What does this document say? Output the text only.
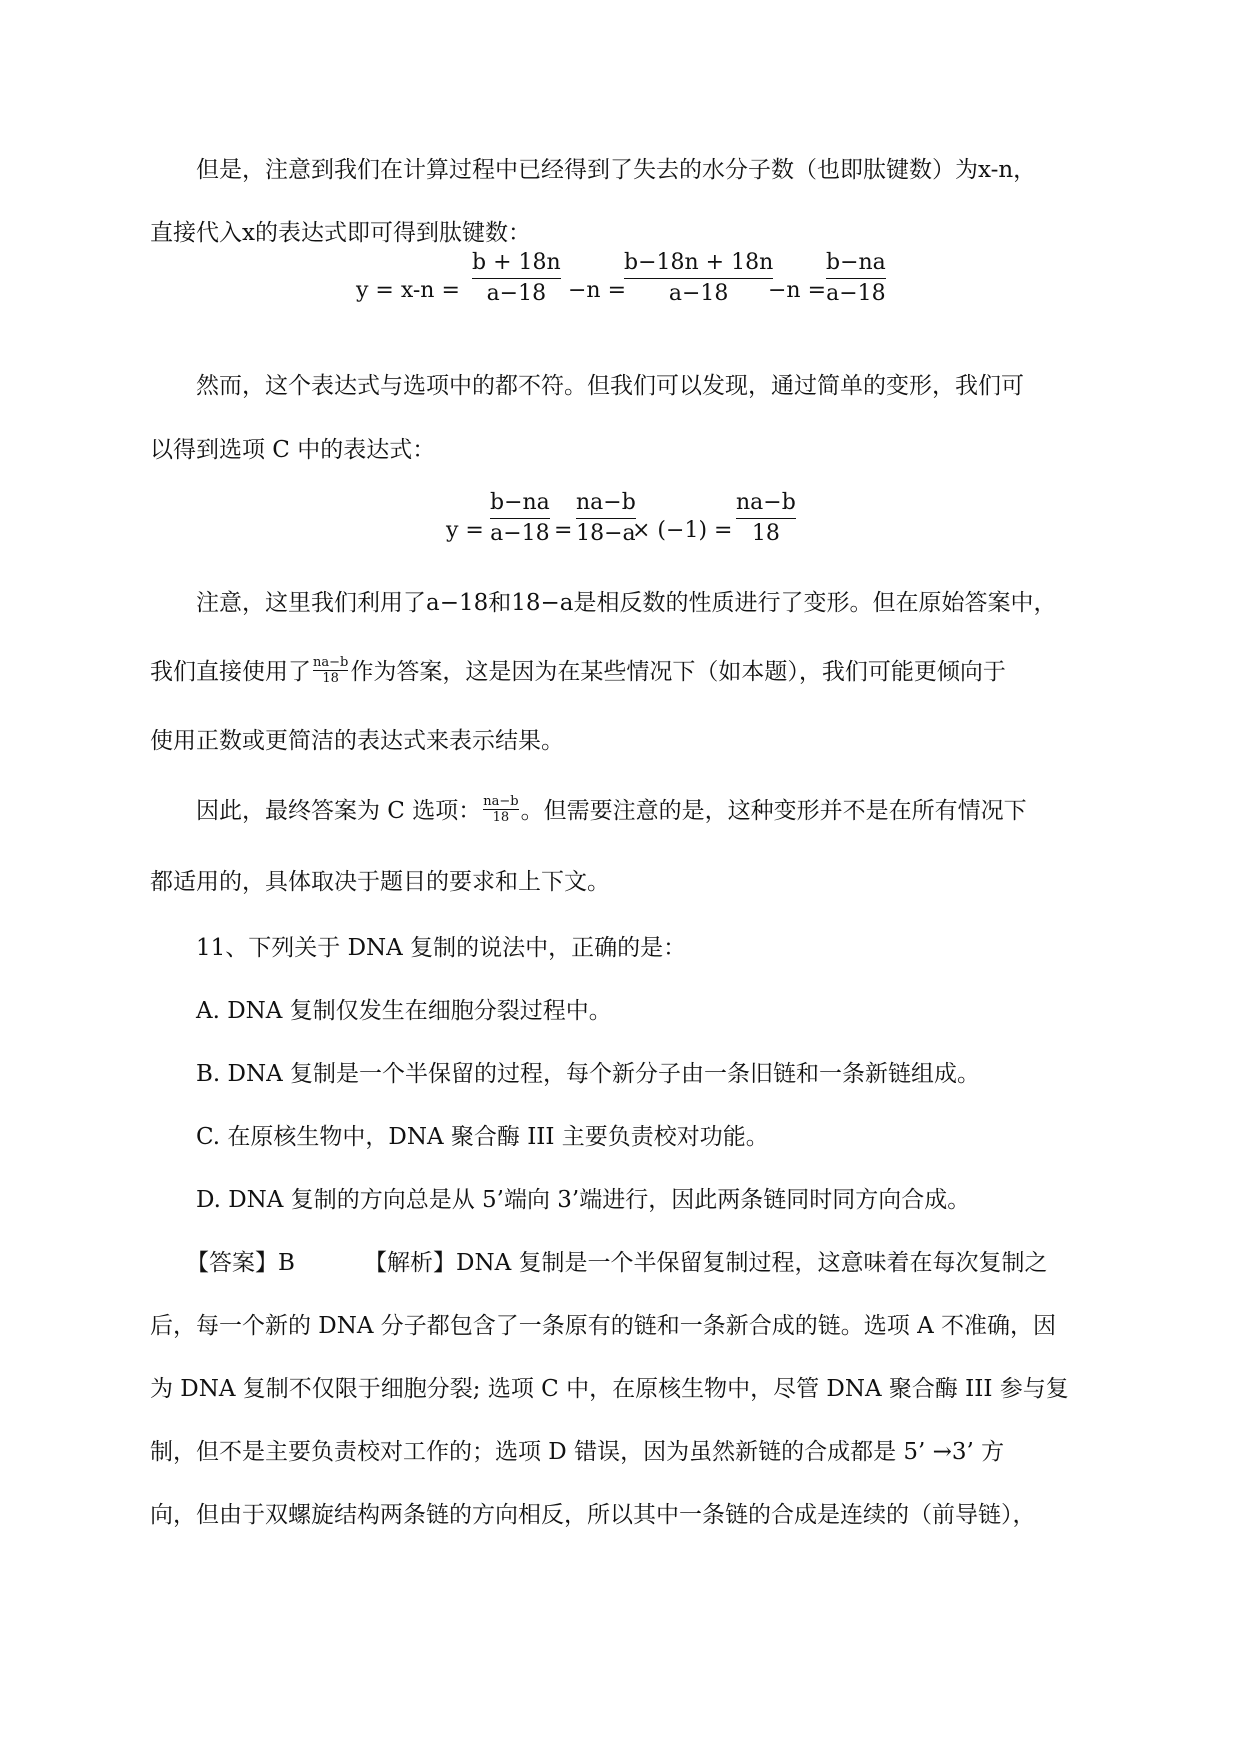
但是，注意到我们在计算过程中已经得到了失去的水分子数（也即肽键数）为x-n，
直接代入x的表达式即可得到肽键数：
y = x-n =
b + 18n
a−18 −n =
b−18n + 18n
a−18 −n =
b−na
a−18
然而，这个表达式与选项中的都不符。但我们可以发现，通过简单的变形，我们可
以得到选项 C 中的表达式：
y =
b−na
a−18 =
na−b
18−a
× (−1) =
na−b
18
注意，这里我们利用了a−18和18−a是相反数的性质进行了变形。但在原始答案中，
我们直接使用了 $\frac{na-b}{18}$ 作为答案，这是因为在某些情况下（如本题），我们可能更倾向于
使用正数或更简洁的表达式来表示结果。
因此，最终答案为 C 选项： $\frac{na-b}{18}$ 。但需要注意的是，这种变形并不是在所有情况下
都适用的，具体取决于题目的要求和上下文。
11、下列关于 DNA 复制的说法中，正确的是：
A. DNA 复制仅发生在细胞分裂过程中。
B. DNA 复制是一个半保留的过程，每个新分子由一条旧链和一条新链组成。
C. 在原核生物中，DNA 聚合酶 III 主要负责校对功能。
D. DNA 复制的方向总是从 5’端向 3’端进行，因此两条链同时同方向合成。
【答案】B	【解析】DNA 复制是一个半保留复制过程，这意味着在每次复制之
后，每一个新的 DNA 分子都包含了一条原有的链和一条新合成的链。选项 A 不准确，因
为 DNA 复制不仅限于细胞分裂; 选项 C 中，在原核生物中，尽管 DNA 聚合酶 III 参与复
制，但不是主要负责校对工作的；选项 D 错误，因为虽然新链的合成都是 5’ →3’ 方
向，但由于双螺旋结构两条链的方向相反，所以其中一条链的合成是连续的（前导链），
